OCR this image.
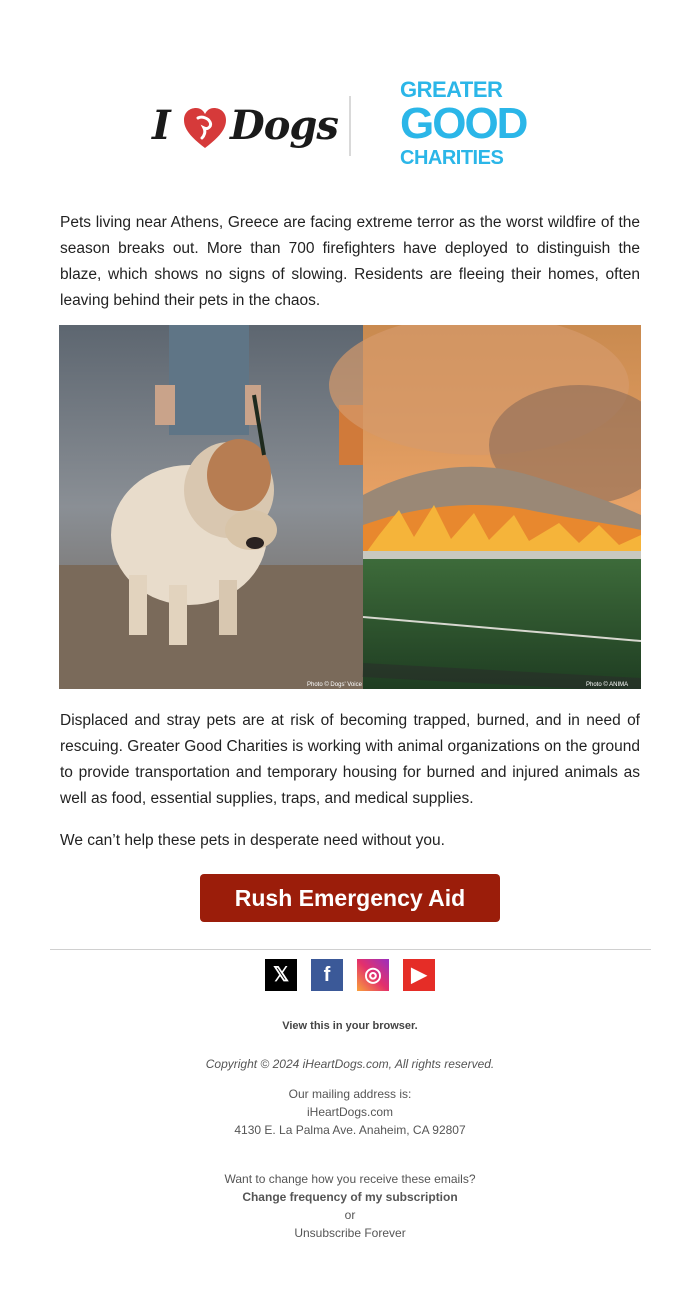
I Dogs
GREATER
GOOD
CHARITIES

Pets living near Athens, Greece are facing extreme terror as the worst wildfire of the season breaks out. More than 700 firefighters have deployed to distinguish the blaze, which shows no signs of slowing. Residents are fleeing their homes, often leaving behind their pets in the chaos.

Photo © Dogs' Voice	Photo © ANIMA

Displaced and stray pets are at risk of becoming trapped, burned, and in need of rescuing. Greater Good Charities is working with animal organizations on the ground to provide transportation and temporary housing for burned and injured animals as well as food, essential supplies, traps, and medical supplies.

We can’t help these pets in desperate need without you.

Rush Emergency Aid
𝕏	f	◎	▶
View this in your browser.
Copyright © 2024 iHeartDogs.com, All rights reserved.
Our mailing address is:
iHeartDogs.com
4130 E. La Palma Ave. Anaheim, CA 92807
Want to change how you receive these emails?
Change frequency of my subscription
or
Unsubscribe Forever
